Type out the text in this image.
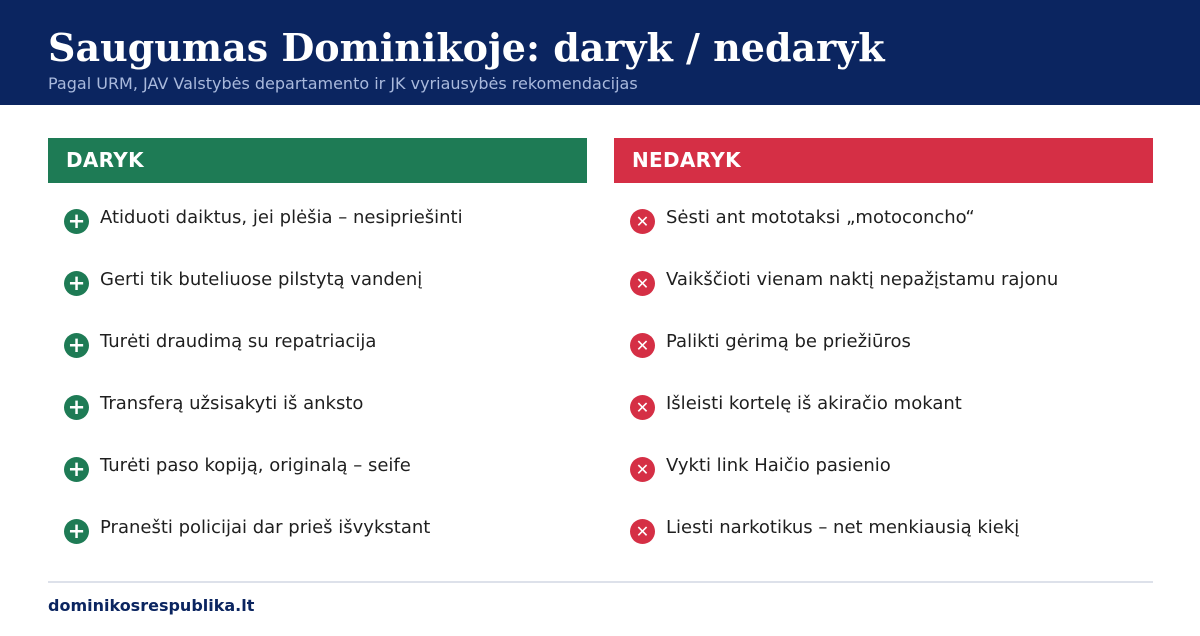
Saugumas Dominikoje: daryk / nedaryk

Pagal URM, JAV Valstybės departamento ir JK vyriausybės rekomendacijas

DARYK	NEDARYK
+ Atiduoti daiktus, jei plėšia – nesipriešinti
+ Gerti tik buteliuose pilstytą vandenį
+ Turėti draudimą su repatriacija
+ Transferą užsisakyti iš anksto
+ Turėti paso kopiją, originalą – seife
+ Pranešti policijai dar prieš išvykstant
✕ Sėsti ant mototaksi „motoconcho“
✕ Vaikščioti vienam naktį nepažįstamu rajonu
✕ Palikti gėrimą be priežiūros
✕ Išleisti kortelę iš akiračio mokant
✕ Vykti link Haičio pasienio
✕ Liesti narkotikus – net menkiausią kiekį
dominikosrespublika.lt
